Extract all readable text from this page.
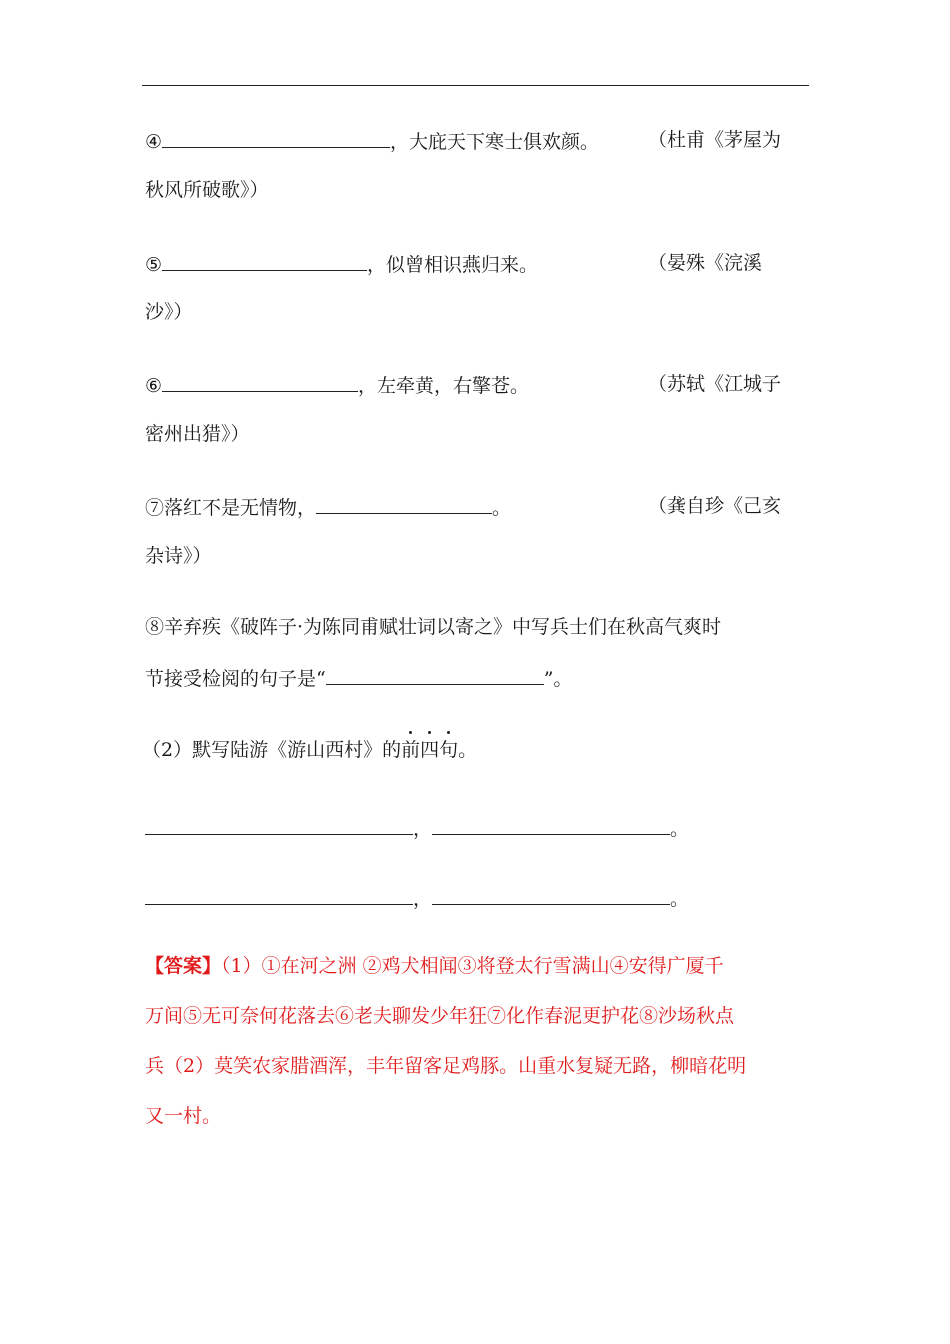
④	，大庇天下寒士俱欢颜。	（杜甫《茅屋为
秋风所破歌》）
⑤	，似曾相识燕归来。	（晏殊《浣溪
沙》）
⑥	，左牵黄，右擎苍。	（苏轼《江城子
密州出猎》）
⑦落红不是无情物，	。	（龚自珍《己亥
杂诗》）
⑧辛弃疾《破阵子·为陈同甫赋壮词以寄之》中写兵士们在秋高气爽时
节接受检阅的句子是“	”。
（2）默写陆游《游山西村》的前四句。
，	。
，	。
【答案】（1）①在河之洲 ②鸡犬相闻③将登太行雪满山④安得广厦千
万间⑤无可奈何花落去⑥老夫聊发少年狂⑦化作春泥更护花⑧沙场秋点
兵（2）莫笑农家腊酒浑，丰年留客足鸡豚。山重水复疑无路，柳暗花明
又一村。
